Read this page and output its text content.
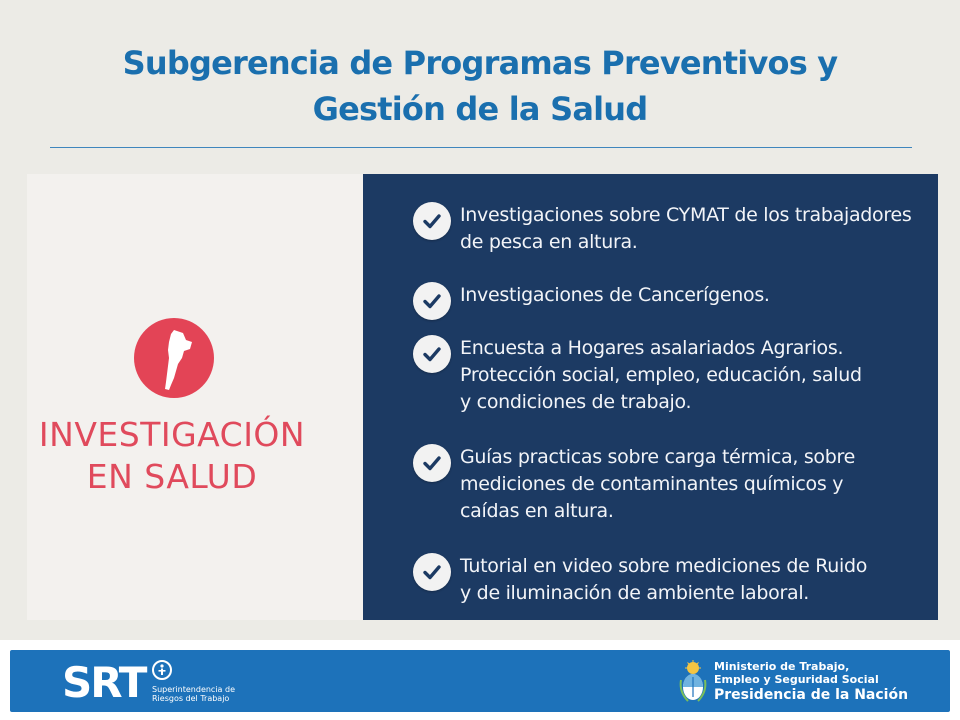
Subgerencia de Programas Preventivos y
Gestión de la Salud
INVESTIGACIÓN
EN SALUD
Investigaciones sobre CYMAT de los trabajadores
de pesca en altura.
Investigaciones de Cancerígenos.
Encuesta a Hogares asalariados Agrarios.
Protección social, empleo, educación, salud
y condiciones de trabajo.
Guías practicas sobre carga térmica, sobre
mediciones de contaminantes químicos y
caídas en altura.
Tutorial en video sobre mediciones de Ruido
y de iluminación de ambiente laboral.
SRT Superintendencia de
Riesgos del Trabajo
Ministerio de Trabajo,
Empleo y Seguridad Social
Presidencia de la Nación
